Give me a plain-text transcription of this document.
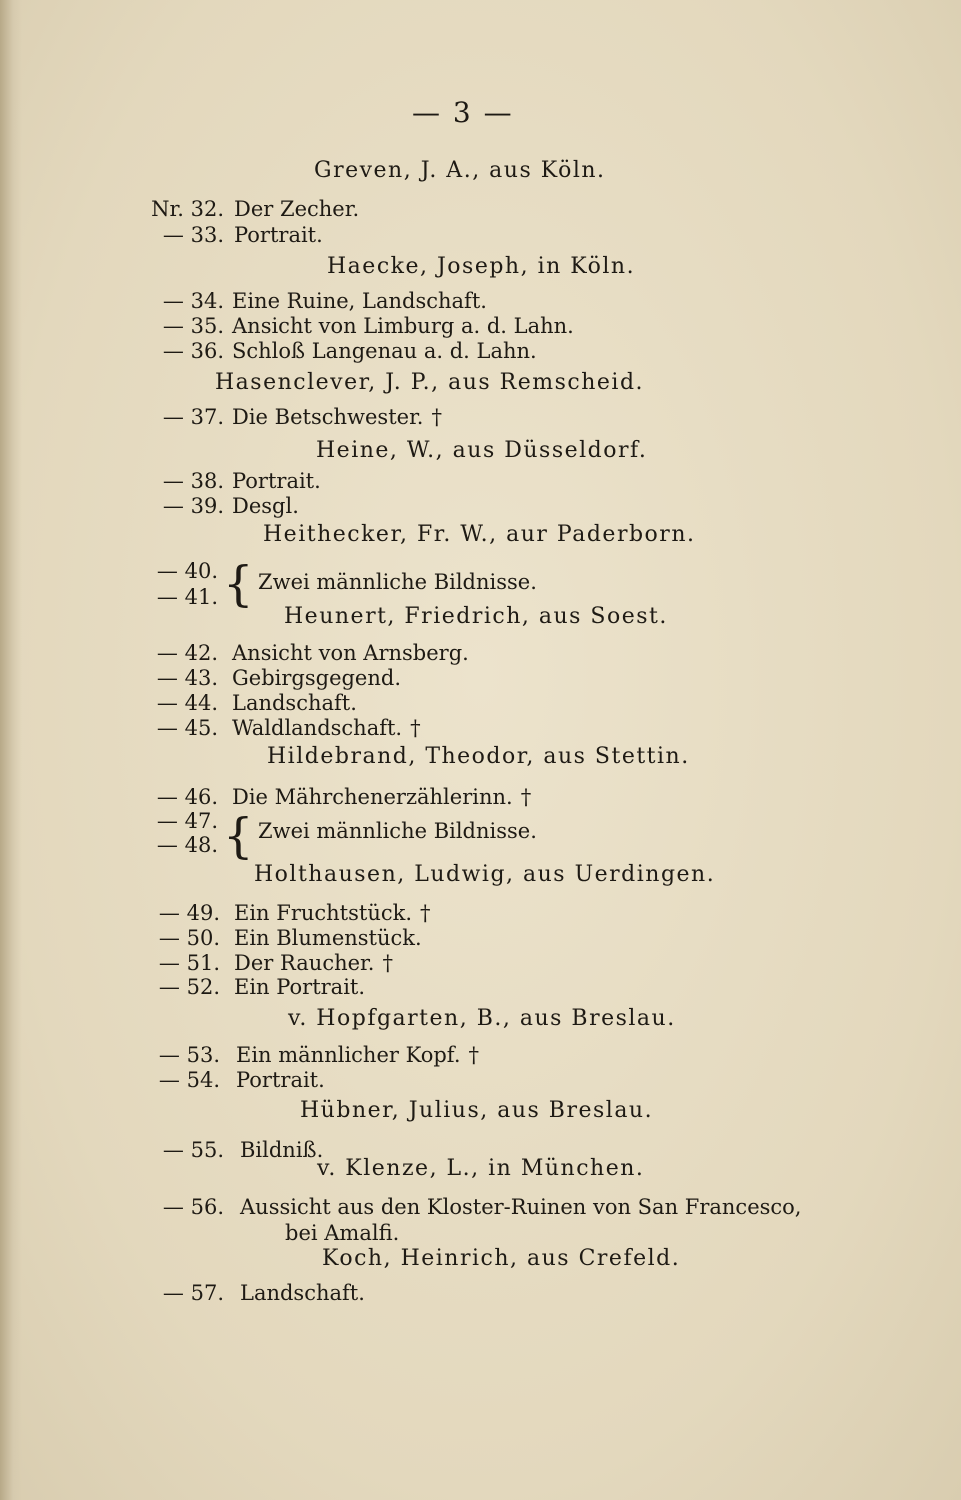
— 3 —
Greven, J. A., aus Köln.
Nr. 32. Der Zecher.
— 33. Portrait.
Haecke, Joseph, in Köln.
— 34. Eine Ruine, Landschaft.
— 35. Ansicht von Limburg a. d. Lahn.
— 36. Schloß Langenau a. d. Lahn.
Hasenclever, J. P., aus Remscheid.
— 37. Die Betschwester. †
Heine, W., aus Düsseldorf.
— 38. Portrait.
— 39. Desgl.
Heithecker, Fr. W., aur Paderborn.
— 40.
— 41. { Zwei männliche Bildnisse.
Heunert, Friedrich, aus Soest.
— 42. Ansicht von Arnsberg.
— 43. Gebirgsgegend.
— 44. Landschaft.
— 45. Waldlandschaft. †
Hildebrand, Theodor, aus Stettin.
— 46. Die Mährchenerzählerinn. †
— 47.
— 48. { Zwei männliche Bildnisse.
Holthausen, Ludwig, aus Uerdingen.
— 49. Ein Fruchtstück. †
— 50. Ein Blumenstück.
— 51. Der Raucher. †
— 52. Ein Portrait.
v. Hopfgarten, B., aus Breslau.
— 53. Ein männlicher Kopf. †
— 54. Portrait.
Hübner, Julius, aus Breslau.
— 55. Bildniß.
v. Klenze, L., in München.
— 56. Aussicht aus den Kloster-Ruinen von San Francesco,
bei Amalfi.
Koch, Heinrich, aus Crefeld.
— 57. Landschaft.
